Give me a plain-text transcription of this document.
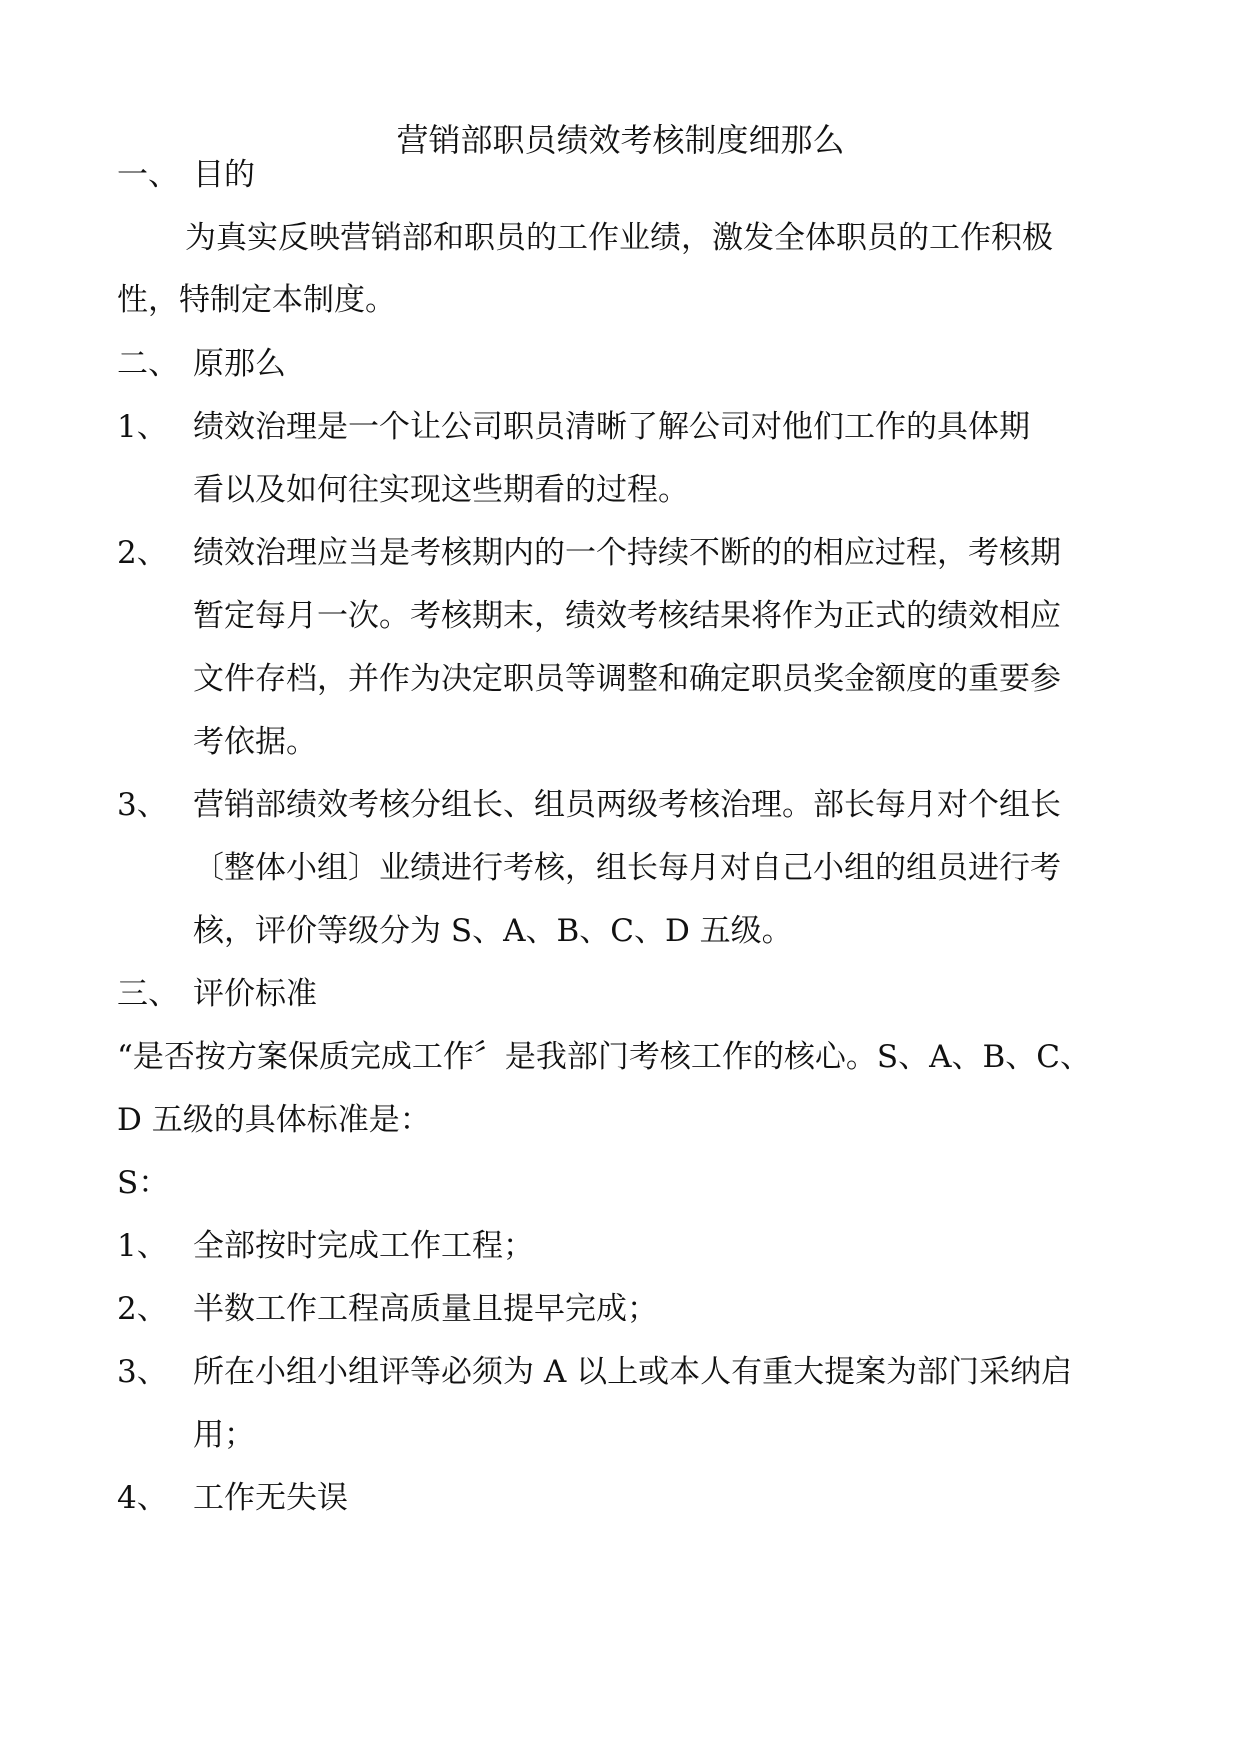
营销部职员绩效考核制度细那么
一、 目的
为真实反映营销部和职员的工作业绩，激发全体职员的工作积极
性，特制定本制度。
二、 原那么
1、 绩效治理是一个让公司职员清晰了解公司对他们工作的具体期
看以及如何往实现这些期看的过程。
2、 绩效治理应当是考核期内的一个持续不断的的相应过程，考核期
暂定每月一次。考核期末，绩效考核结果将作为正式的绩效相应
文件存档，并作为决定职员等调整和确定职员奖金额度的重要参
考依据。
3、 营销部绩效考核分组长、组员两级考核治理。部长每月对个组长
〔整体小组〕业绩进行考核，组长每月对自己小组的组员进行考
核，评价等级分为 S、A、B、C、D 五级。
三、 评价标准
“是否按方案保质完成工作〞是我部门考核工作的核心。S、A、B、C、
D 五级的具体标准是：
S：
1、 全部按时完成工作工程；
2、 半数工作工程高质量且提早完成；
3、 所在小组小组评等必须为 A 以上或本人有重大提案为部门采纳启
用；
4、 工作无失误
